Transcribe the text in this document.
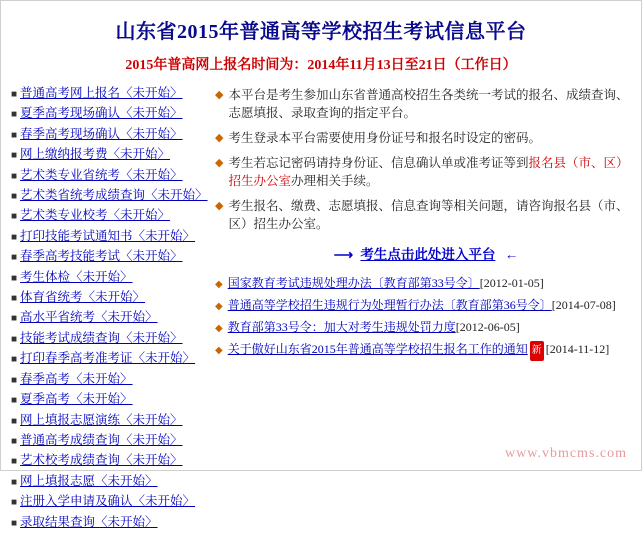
山东省2015年普通高等学校招生考试信息平台
2015年普高网上报名时间为：2014年11月13日至21日（工作日）
■ 普通高考网上报名〈未开始〉
■ 夏季高考现场确认〈未开始〉
■ 春季高考现场确认〈未开始〉
■ 网上缴纳报考费〈未开始〉
■ 艺术类专业省统考〈未开始〉
■ 艺术类省统考成绩查询〈未开始〉
■ 艺术类专业校考〈未开始〉
■ 打印技能考试通知书〈未开始〉
■ 春季高考技能考试〈未开始〉
■ 考生体检〈未开始〉
■ 体育省统考〈未开始〉
■ 高水平省统考〈未开始〉
■ 技能考试成绩查询〈未开始〉
■ 打印春季高考准考证〈未开始〉
■ 春季高考〈未开始〉
■ 夏季高考〈未开始〉
■ 网上填报志愿演练〈未开始〉
■ 普通高考成绩查询〈未开始〉
■ 艺术校考成绩查询〈未开始〉
■ 网上填报志愿〈未开始〉
■ 注册入学申请及确认〈未开始〉
■ 录取结果查询〈未开始〉
◆ 本平台是考生参加山东省普通高校招生各类统一考试的报名、成绩查询、志愿填报、录取查询的指定平台。
◆ 考生登录本平台需要使用身份证号和报名时设定的密码。
◆ 考生若忘记密码请持身份证、信息确认单或准考证等到报名县（市、区）招生办公室办理相关手续。
◆ 考生报名、缴费、志愿填报、信息查询等相关问题，请咨询报名县（市、区）招生办公室。
⟶ 考生点击此处进入平台 ←
◆ 国家教育考试违规处理办法〔教育部第33号令〕 [2012-01-05]
◆ 普通高等学校招生违规行为处理暂行办法〔教育部第36号令〕 [2014-07-08]
◆ 教育部第33号令：加大对考生违规处罚力度 [2012-06-05]
◆ 关于傲好山东省2015年普通高等学校招生报名工作的通知 新 [2014-11-12]
www.vbmcms.com
